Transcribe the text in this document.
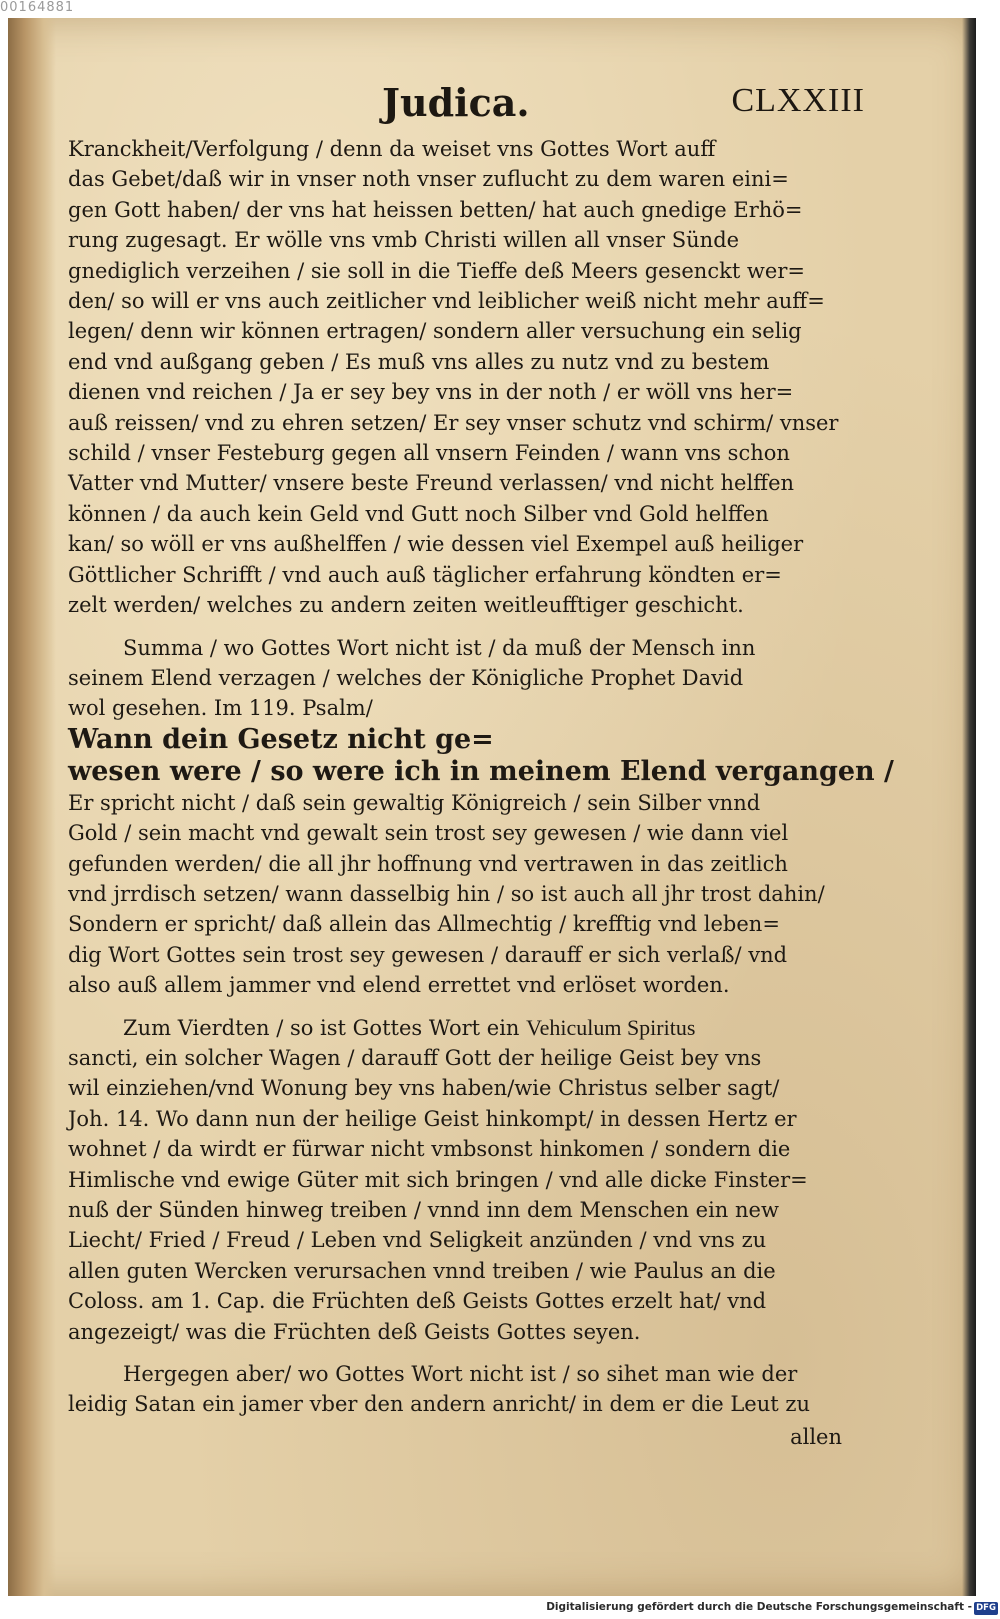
00164881
Judica.	CLXXIII

Kranckheit/Verfolgung / denn da weiset vns Gottes Wort auff
das Gebet/daß wir in vnser noth vnser zuflucht zu dem waren eini=
gen Gott haben/ der vns hat heissen betten/ hat auch gnedige Erhö=
rung zugesagt. Er wölle vns vmb Christi willen all vnser Sünde
gnediglich verzeihen / sie soll in die Tieffe deß Meers gesenckt wer=
den/ so will er vns auch zeitlicher vnd leiblicher weiß nicht mehr auff=
legen/ denn wir können ertragen/ sondern aller versuchung ein selig
end vnd außgang geben / Es muß vns alles zu nutz vnd zu bestem
dienen vnd reichen / Ja er sey bey vns in der noth / er wöll vns her=
auß reissen/ vnd zu ehren setzen/ Er sey vnser schutz vnd schirm/ vnser
schild / vnser Festeburg gegen all vnsern Feinden / wann vns schon
Vatter vnd Mutter/ vnsere beste Freund verlassen/ vnd nicht helffen
können / da auch kein Geld vnd Gutt noch Silber vnd Gold helffen
kan/ so wöll er vns außhelffen / wie dessen viel Exempel auß heiliger
Göttlicher Schrifft / vnd auch auß täglicher erfahrung köndten er=
zelt werden/ welches zu andern zeiten weitleufftiger geschicht.

Summa / wo Gottes Wort nicht ist / da muß der Mensch inn
seinem Elend verzagen / welches der Königliche Prophet David
wol gesehen. Im 119. Psalm/
Wann dein Gesetz nicht ge=
wesen were / so were ich in meinem Elend vergangen /
Er spricht nicht / daß sein gewaltig Königreich / sein Silber vnnd
Gold / sein macht vnd gewalt sein trost sey gewesen / wie dann viel
gefunden werden/ die all jhr hoffnung vnd vertrawen in das zeitlich
vnd jrrdisch setzen/ wann dasselbig hin / so ist auch all jhr trost dahin/
Sondern er spricht/ daß allein das Allmechtig / krefftig vnd leben=
dig Wort Gottes sein trost sey gewesen / darauff er sich verlaß/ vnd
also auß allem jammer vnd elend errettet vnd erlöset worden.

Zum Vierdten / so ist Gottes Wort ein Vehiculum Spiritus
sancti, ein solcher Wagen / darauff Gott der heilige Geist bey vns
wil einziehen/vnd Wonung bey vns haben/wie Christus selber sagt/
Joh. 14. Wo dann nun der heilige Geist hinkompt/ in dessen Hertz er
wohnet / da wirdt er fürwar nicht vmbsonst hinkomen / sondern die
Himlische vnd ewige Güter mit sich bringen / vnd alle dicke Finster=
nuß der Sünden hinweg treiben / vnnd inn dem Menschen ein new
Liecht/ Fried / Freud / Leben vnd Seligkeit anzünden / vnd vns zu
allen guten Wercken verursachen vnnd treiben / wie Paulus an die
Coloss. am 1. Cap. die Früchten deß Geists Gottes erzelt hat/ vnd
angezeigt/ was die Früchten deß Geists Gottes seyen.

Hergegen aber/ wo Gottes Wort nicht ist / so sihet man wie der
leidig Satan ein jamer vber den andern anricht/ in dem er die Leut zu

allen
Digitalisierung gefördert durch die Deutsche Forschungsgemeinschaft - DFG
